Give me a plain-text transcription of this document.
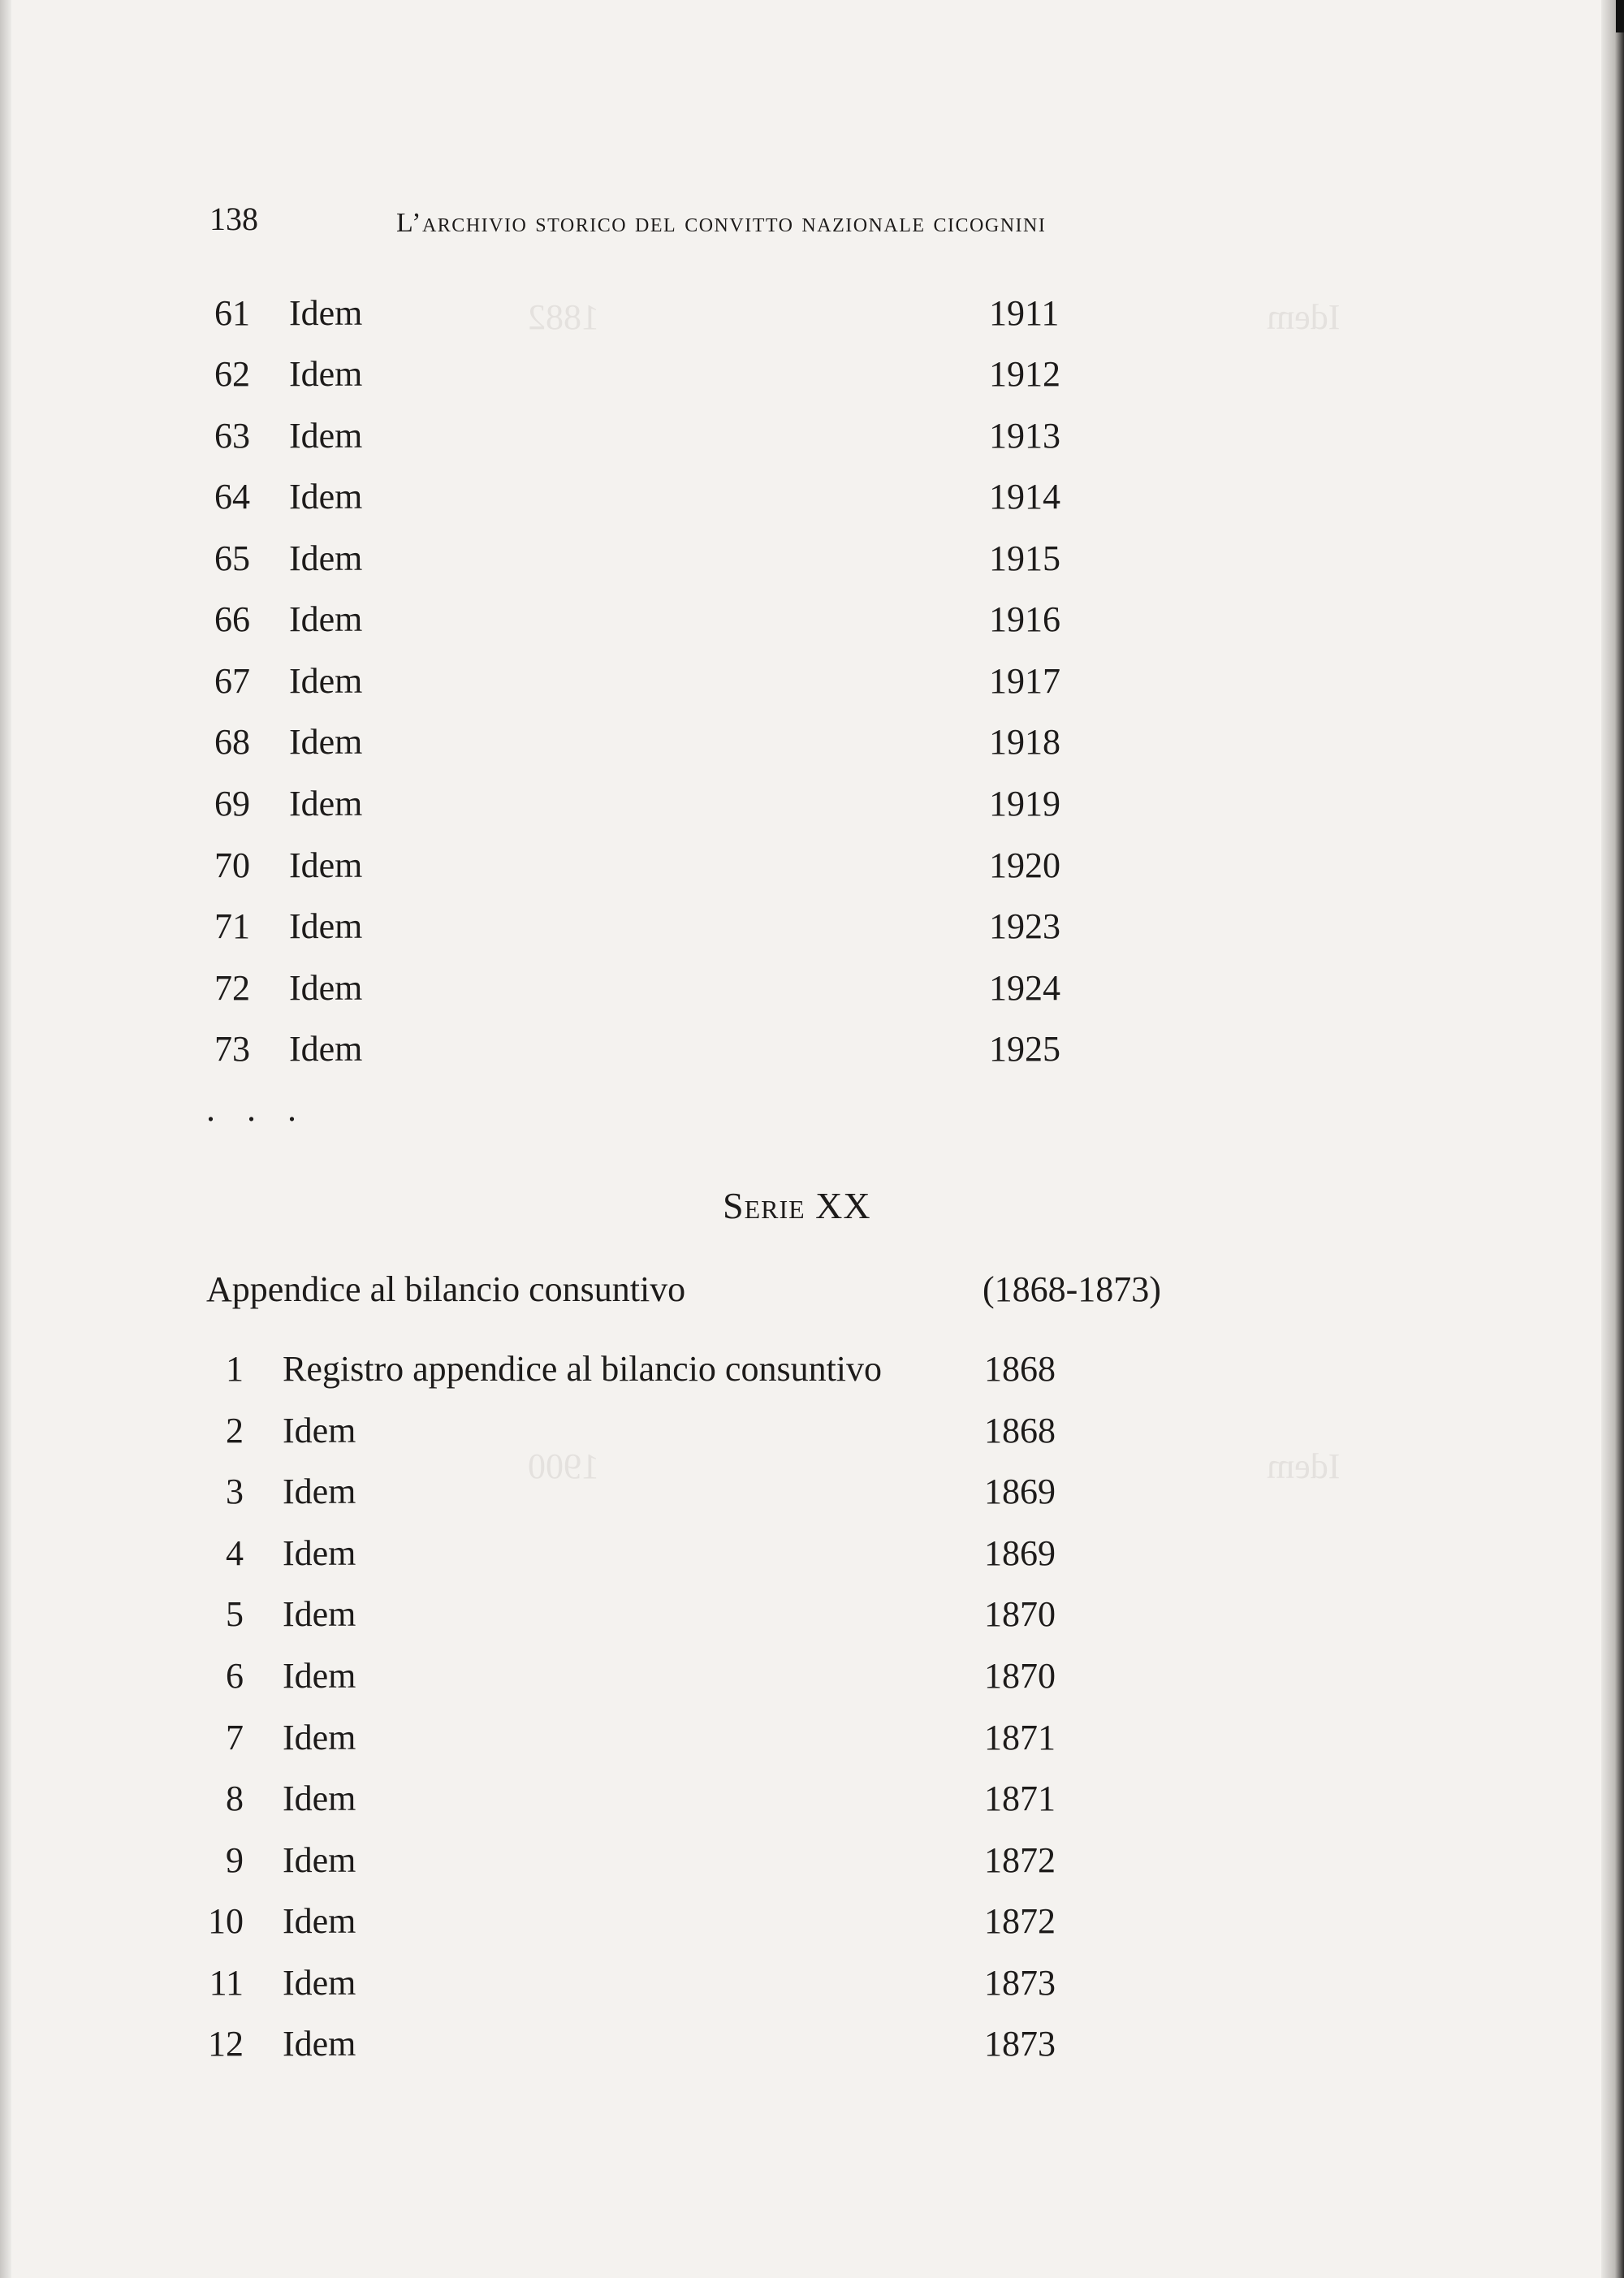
1882	Idem
1900	Idem
138	L’archivio storico del convitto nazionale cicognini
61 Idem	1911
62 Idem	1912
63 Idem	1913
64 Idem	1914
65 Idem	1915
66 Idem	1916
67 Idem	1917
68 Idem	1918
69 Idem	1919
70 Idem	1920
71 Idem	1923
72 Idem	1924
73 Idem	1925
. . .
Serie XX
Appendice al bilancio consuntivo	(1868-1873)
1 Registro appendice al bilancio consuntivo	1868
2 Idem	1868
3 Idem	1869
4 Idem	1869
5 Idem	1870
6 Idem	1870
7 Idem	1871
8 Idem	1871
9 Idem	1872
10 Idem	1872
11 Idem	1873
12 Idem	1873
